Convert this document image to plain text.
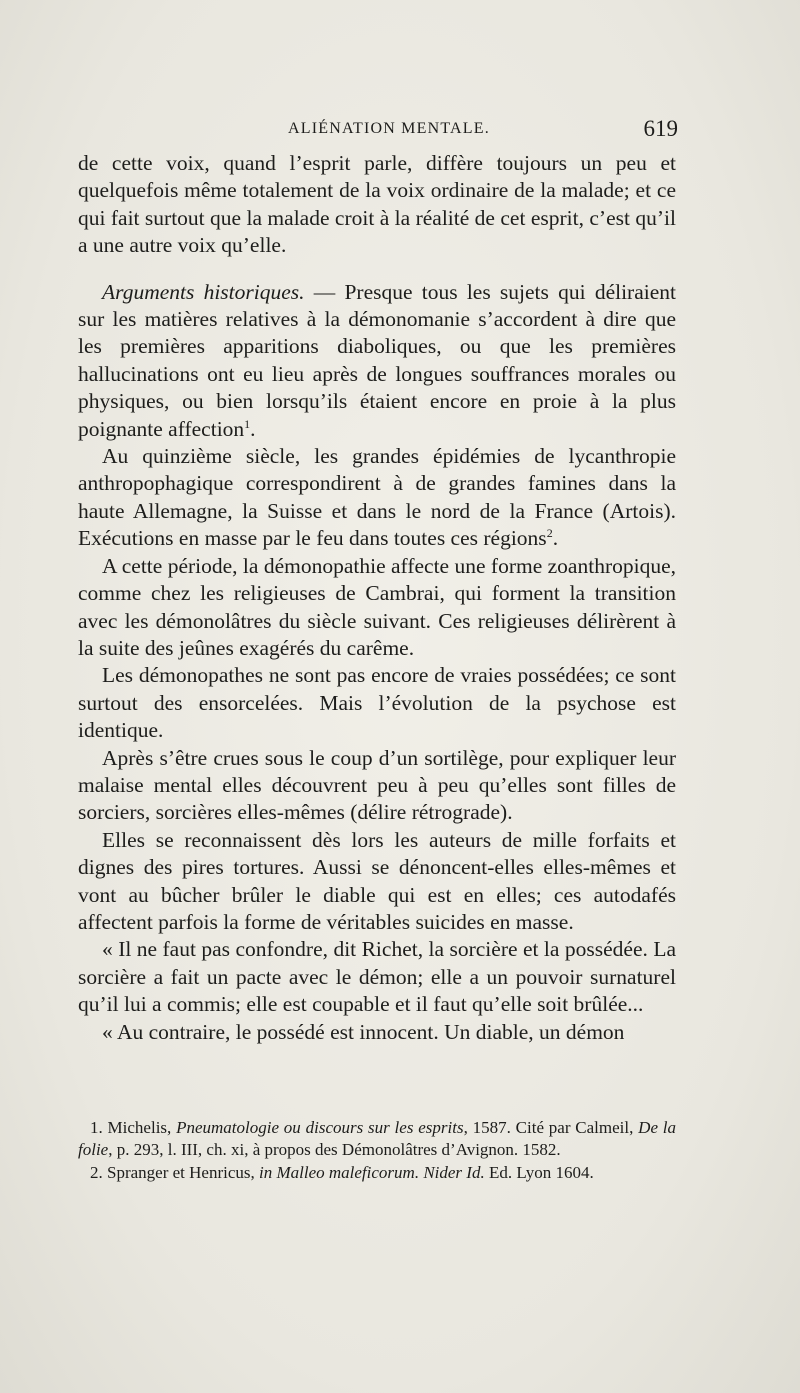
ALIÉNATION MENTALE.	619

de cette voix, quand l’esprit parle, diffère toujours un peu et quelquefois même totalement de la voix ordinaire de la malade; et ce qui fait surtout que la malade croit à la réalité de cet esprit, c’est qu’il a une autre voix qu’elle.

Arguments historiques. — Presque tous les sujets qui déliraient sur les matières relatives à la démonomanie s’accordent à dire que les premières apparitions diaboliques, ou que les premières hallucinations ont eu lieu après de longues souffrances morales ou physiques, ou bien lorsqu’ils étaient encore en proie à la plus poignante affection$^1$.

Au quinzième siècle, les grandes épidémies de lycanthropie anthropophagique correspondirent à de grandes famines dans la haute Allemagne, la Suisse et dans le nord de la France (Artois). Exécutions en masse par le feu dans toutes ces régions$^2$.

A cette période, la démonopathie affecte une forme zoanthropique, comme chez les religieuses de Cambrai, qui forment la transition avec les démonolâtres du siècle suivant. Ces religieuses délirèrent à la suite des jeûnes exagérés du carême.

Les démonopathes ne sont pas encore de vraies possédées; ce sont surtout des ensorcelées. Mais l’évolution de la psychose est identique.

Après s’être crues sous le coup d’un sortilège, pour expliquer leur malaise mental elles découvrent peu à peu qu’elles sont filles de sorciers, sorcières elles-mêmes (délire rétrograde).

Elles se reconnaissent dès lors les auteurs de mille forfaits et dignes des pires tortures. Aussi se dénoncent-elles elles-mêmes et vont au bûcher brûler le diable qui est en elles; ces autodafés affectent parfois la forme de véritables suicides en masse.

« Il ne faut pas confondre, dit Richet, la sorcière et la possédée. La sorcière a fait un pacte avec le démon; elle a un pouvoir surnaturel qu’il lui a commis; elle est coupable et il faut qu’elle soit brûlée...

« Au contraire, le possédé est innocent. Un diable, un démon

1. Michelis, Pneumatologie ou discours sur les esprits, 1587. Cité par Calmeil, De la folie, p. 293, l. III, ch. xi, à propos des Démonolâtres d’Avignon. 1582.

2. Spranger et Henricus, in Malleo maleficorum. Nider Id. Ed. Lyon 1604.
